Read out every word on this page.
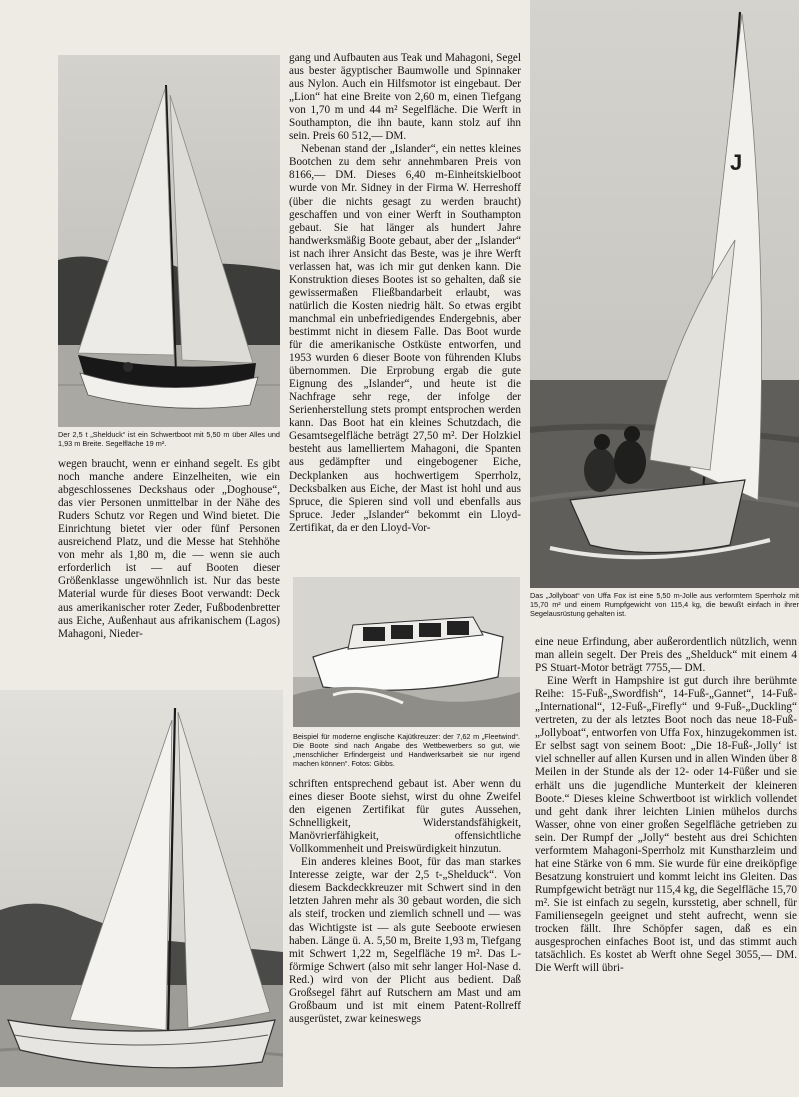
Der 2,5 t „Shelduck“ ist ein Schwertboot mit 5,50 m über Alles und 1,93 m Breite. Segelfläche 19 m².
Beispiel für moderne englische Kajütkreuzer: der 7,62 m „Fleetwind“. Die Boote sind nach Angabe des Wettbewerbers so gut, wie „menschlicher Erfindergeist und Handwerksarbeit sie nur irgend machen können“. Fotos: Gibbs.
J
Das „Jollyboat“ von Uffa Fox ist eine 5,50 m-Jolle aus verformtem Sperrholz mit 15,70 m² und einem Rumpfgewicht von 115,4 kg, die bewußt einfach in ihrer Segelausrüstung gehalten ist.

wegen braucht, wenn er einhand segelt. Es gibt noch manche andere Einzelheiten, wie ein abgeschlossenes Deckshaus oder „Doghouse“, das vier Personen unmittelbar in der Nähe des Ruders Schutz vor Regen und Wind bietet. Die Einrichtung bietet vier oder fünf Personen ausreichend Platz, und die Messe hat Stehhöhe von mehr als 1,80 m, die — wenn sie auch erforderlich ist — auf Booten dieser Größenklasse ungewöhnlich ist. Nur das beste Material wurde für dieses Boot verwandt: Deck aus amerikanischer roter Zeder, Fußbodenbretter aus Eiche, Außenhaut aus afrikanischem (Lagos) Mahagoni, Nieder-

gang und Aufbauten aus Teak und Mahagoni, Segel aus bester ägyptischer Baumwolle und Spinnaker aus Nylon. Auch ein Hilfsmotor ist eingebaut. Der „Lion“ hat eine Breite von 2,60 m, einen Tiefgang von 1,70 m und 44 m² Segelfläche. Die Werft in Southampton, die ihn baute, kann stolz auf ihn sein. Preis 60 512,— DM.

Nebenan stand der „Islander“, ein nettes kleines Bootchen zu dem sehr annehmbaren Preis von 8166,— DM. Dieses 6,40 m-Einheitskielboot wurde von Mr. Sidney in der Firma W. Herreshoff (über die nichts gesagt zu werden braucht) geschaffen und von einer Werft in Southampton gebaut. Sie hat länger als hundert Jahre handwerksmäßig Boote gebaut, aber der „Islander“ ist nach ihrer Ansicht das Beste, was je ihre Werft verlassen hat, was ich mir gut denken kann. Die Konstruktion dieses Bootes ist so gehalten, daß sie gewissermaßen Fließbandarbeit erlaubt, was natürlich die Kosten niedrig hält. So etwas ergibt manchmal ein unbefriedigendes Endergebnis, aber bestimmt nicht in diesem Falle. Das Boot wurde für die amerikanische Ostküste entworfen, und 1953 wurden 6 dieser Boote von führenden Klubs übernommen. Die Erprobung ergab die gute Eignung des „Islander“, und heute ist die Nachfrage sehr rege, der infolge der Serienherstellung stets prompt entsprochen werden kann. Das Boot hat ein kleines Schutzdach, die Gesamtsegelfläche beträgt 27,50 m². Der Holzkiel besteht aus lamelliertem Mahagoni, die Spanten aus gedämpfter und eingebogener Eiche, Deckplanken aus hochwertigem Sperrholz, Decksbalken aus Eiche, der Mast ist hohl und aus Spruce, die Spieren sind voll und ebenfalls aus Spruce. Jeder „Islander“ bekommt ein Lloyd-Zertifikat, da er den Lloyd-Vor-

schriften entsprechend gebaut ist. Aber wenn du eines dieser Boote siehst, wirst du ohne Zweifel den eigenen Zertifikat für gutes Aussehen, Schnelligkeit, Widerstandsfähigkeit, Manövrierfähigkeit, offensichtliche Vollkommenheit und Preiswürdigkeit hinzutun.

Ein anderes kleines Boot, für das man starkes Interesse zeigte, war der 2,5 t-„Shelduck“. Von diesem Backdeckkreuzer mit Schwert sind in den letzten Jahren mehr als 30 gebaut worden, die sich als steif, trocken und ziemlich schnell und — was das Wichtigste ist — als gute Seeboote erwiesen haben. Länge ü. A. 5,50 m, Breite 1,93 m, Tiefgang mit Schwert 1,22 m, Segelfläche 19 m². Das L-förmige Schwert (also mit sehr langer Hol-Nase d. Red.) wird von der Plicht aus bedient. Daß Großsegel fährt auf Rutschern am Mast und am Großbaum und ist mit einem Patent-Rollreff ausgerüstet, zwar keineswegs

eine neue Erfindung, aber außerordentlich nützlich, wenn man allein segelt. Der Preis des „Shelduck“ mit einem 4 PS Stuart-Motor beträgt 7755,— DM.

Eine Werft in Hampshire ist gut durch ihre berühmte Reihe: 15-Fuß-„Swordfish“, 14-Fuß-„Gannet“, 14-Fuß-„International“, 12-Fuß-„Firefly“ und 9-Fuß-„Duckling“ vertreten, zu der als letztes Boot noch das neue 18-Fuß-„Jollyboat“, entworfen von Uffa Fox, hinzugekommen ist. Er selbst sagt von seinem Boot: „Die 18-Fuß-‚Jolly‘ ist viel schneller auf allen Kursen und in allen Winden über 8 Meilen in der Stunde als der 12- oder 14-Füßer und sie erhält uns die jugendliche Munterkeit der kleineren Boote.“ Dieses kleine Schwertboot ist wirklich vollendet und geht dank ihrer leichten Linien mühelos durchs Wasser, ohne von einer großen Segelfläche getrieben zu sein. Der Rumpf der „Jolly“ besteht aus drei Schichten verformtem Mahagoni-Sperrholz mit Kunstharzleim und hat eine Stärke von 6 mm. Sie wurde für eine dreiköpfige Besatzung konstruiert und kommt leicht ins Gleiten. Das Rumpfgewicht beträgt nur 115,4 kg, die Segelfläche 15,70 m². Sie ist einfach zu segeln, kursstetig, aber schnell, für Familiensegeln geeignet und steht aufrecht, wenn sie trocken fällt. Ihre Schöpfer sagen, daß es ein ausgesprochen einfaches Boot ist, und das stimmt auch tatsächlich. Es kostet ab Werft ohne Segel 3055,— DM. Die Werft will übri-
